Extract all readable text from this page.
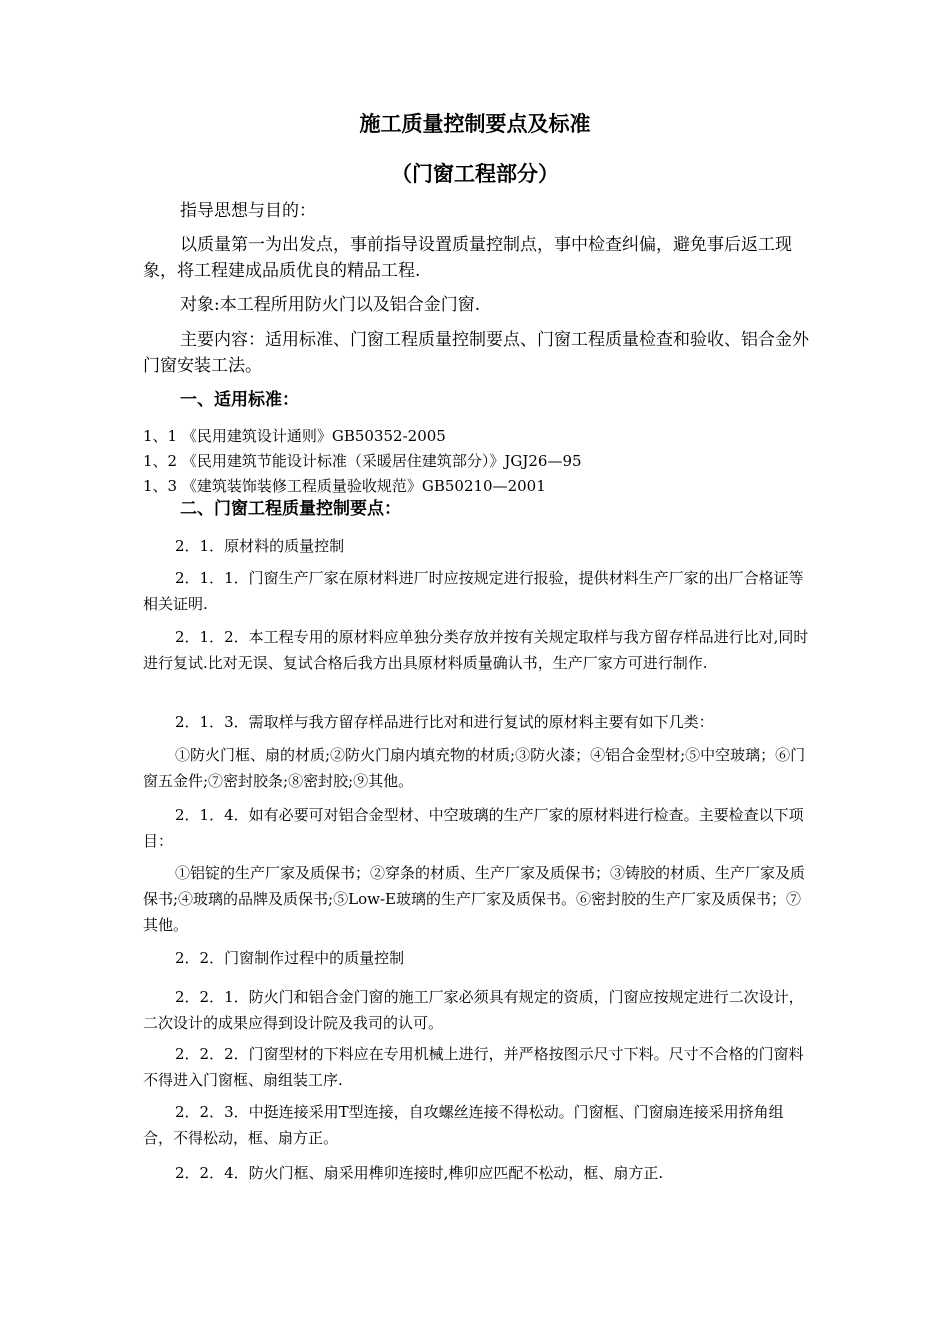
施工质量控制要点及标准
（门窗工程部分）
指导思想与目的：
以质量第一为出发点，事前指导设置质量控制点，事中检查纠偏，避免事后返工现象，将工程建成品质优良的精品工程.
对象:本工程所用防火门以及铝合金门窗.
主要内容：适用标准、门窗工程质量控制要点、门窗工程质量检查和验收、铝合金外门窗安装工法。
一、适用标准：
1、1 《民用建筑设计通则》GB50352-2005
1、2 《民用建筑节能设计标准（采暖居住建筑部分）》JGJ26—95
1、3 《建筑装饰装修工程质量验收规范》GB50210—2001
二、门窗工程质量控制要点：
2．1．原材料的质量控制
2．1．1．门窗生产厂家在原材料进厂时应按规定进行报验，提供材料生产厂家的出厂合格证等相关证明.
2．1．2．本工程专用的原材料应单独分类存放并按有关规定取样与我方留存样品进行比对,同时进行复试.比对无误、复试合格后我方出具原材料质量确认书，生产厂家方可进行制作.
2．1．3．需取样与我方留存样品进行比对和进行复试的原材料主要有如下几类：
①防火门框、扇的材质;②防火门扇内填充物的材质;③防火漆；④铝合金型材;⑤中空玻璃；⑥门窗五金件;⑦密封胶条;⑧密封胶;⑨其他。
2．1．4．如有必要可对铝合金型材、中空玻璃的生产厂家的原材料进行检查。主要检查以下项目：
①铝锭的生产厂家及质保书；②穿条的材质、生产厂家及质保书；③铸胶的材质、生产厂家及质保书;④玻璃的品牌及质保书;⑤Low-E玻璃的生产厂家及质保书。⑥密封胶的生产厂家及质保书；⑦其他。
2．2．门窗制作过程中的质量控制
2．2．1．防火门和铝合金门窗的施工厂家必须具有规定的资质，门窗应按规定进行二次设计，二次设计的成果应得到设计院及我司的认可。
2．2．2．门窗型材的下料应在专用机械上进行，并严格按图示尺寸下料。尺寸不合格的门窗料不得进入门窗框、扇组装工序.
2．2．3．中挺连接采用T型连接，自攻螺丝连接不得松动。门窗框、门窗扇连接采用挤角组合，不得松动，框、扇方正。
2．2．4．防火门框、扇采用榫卯连接时,榫卯应匹配不松动，框、扇方正.
